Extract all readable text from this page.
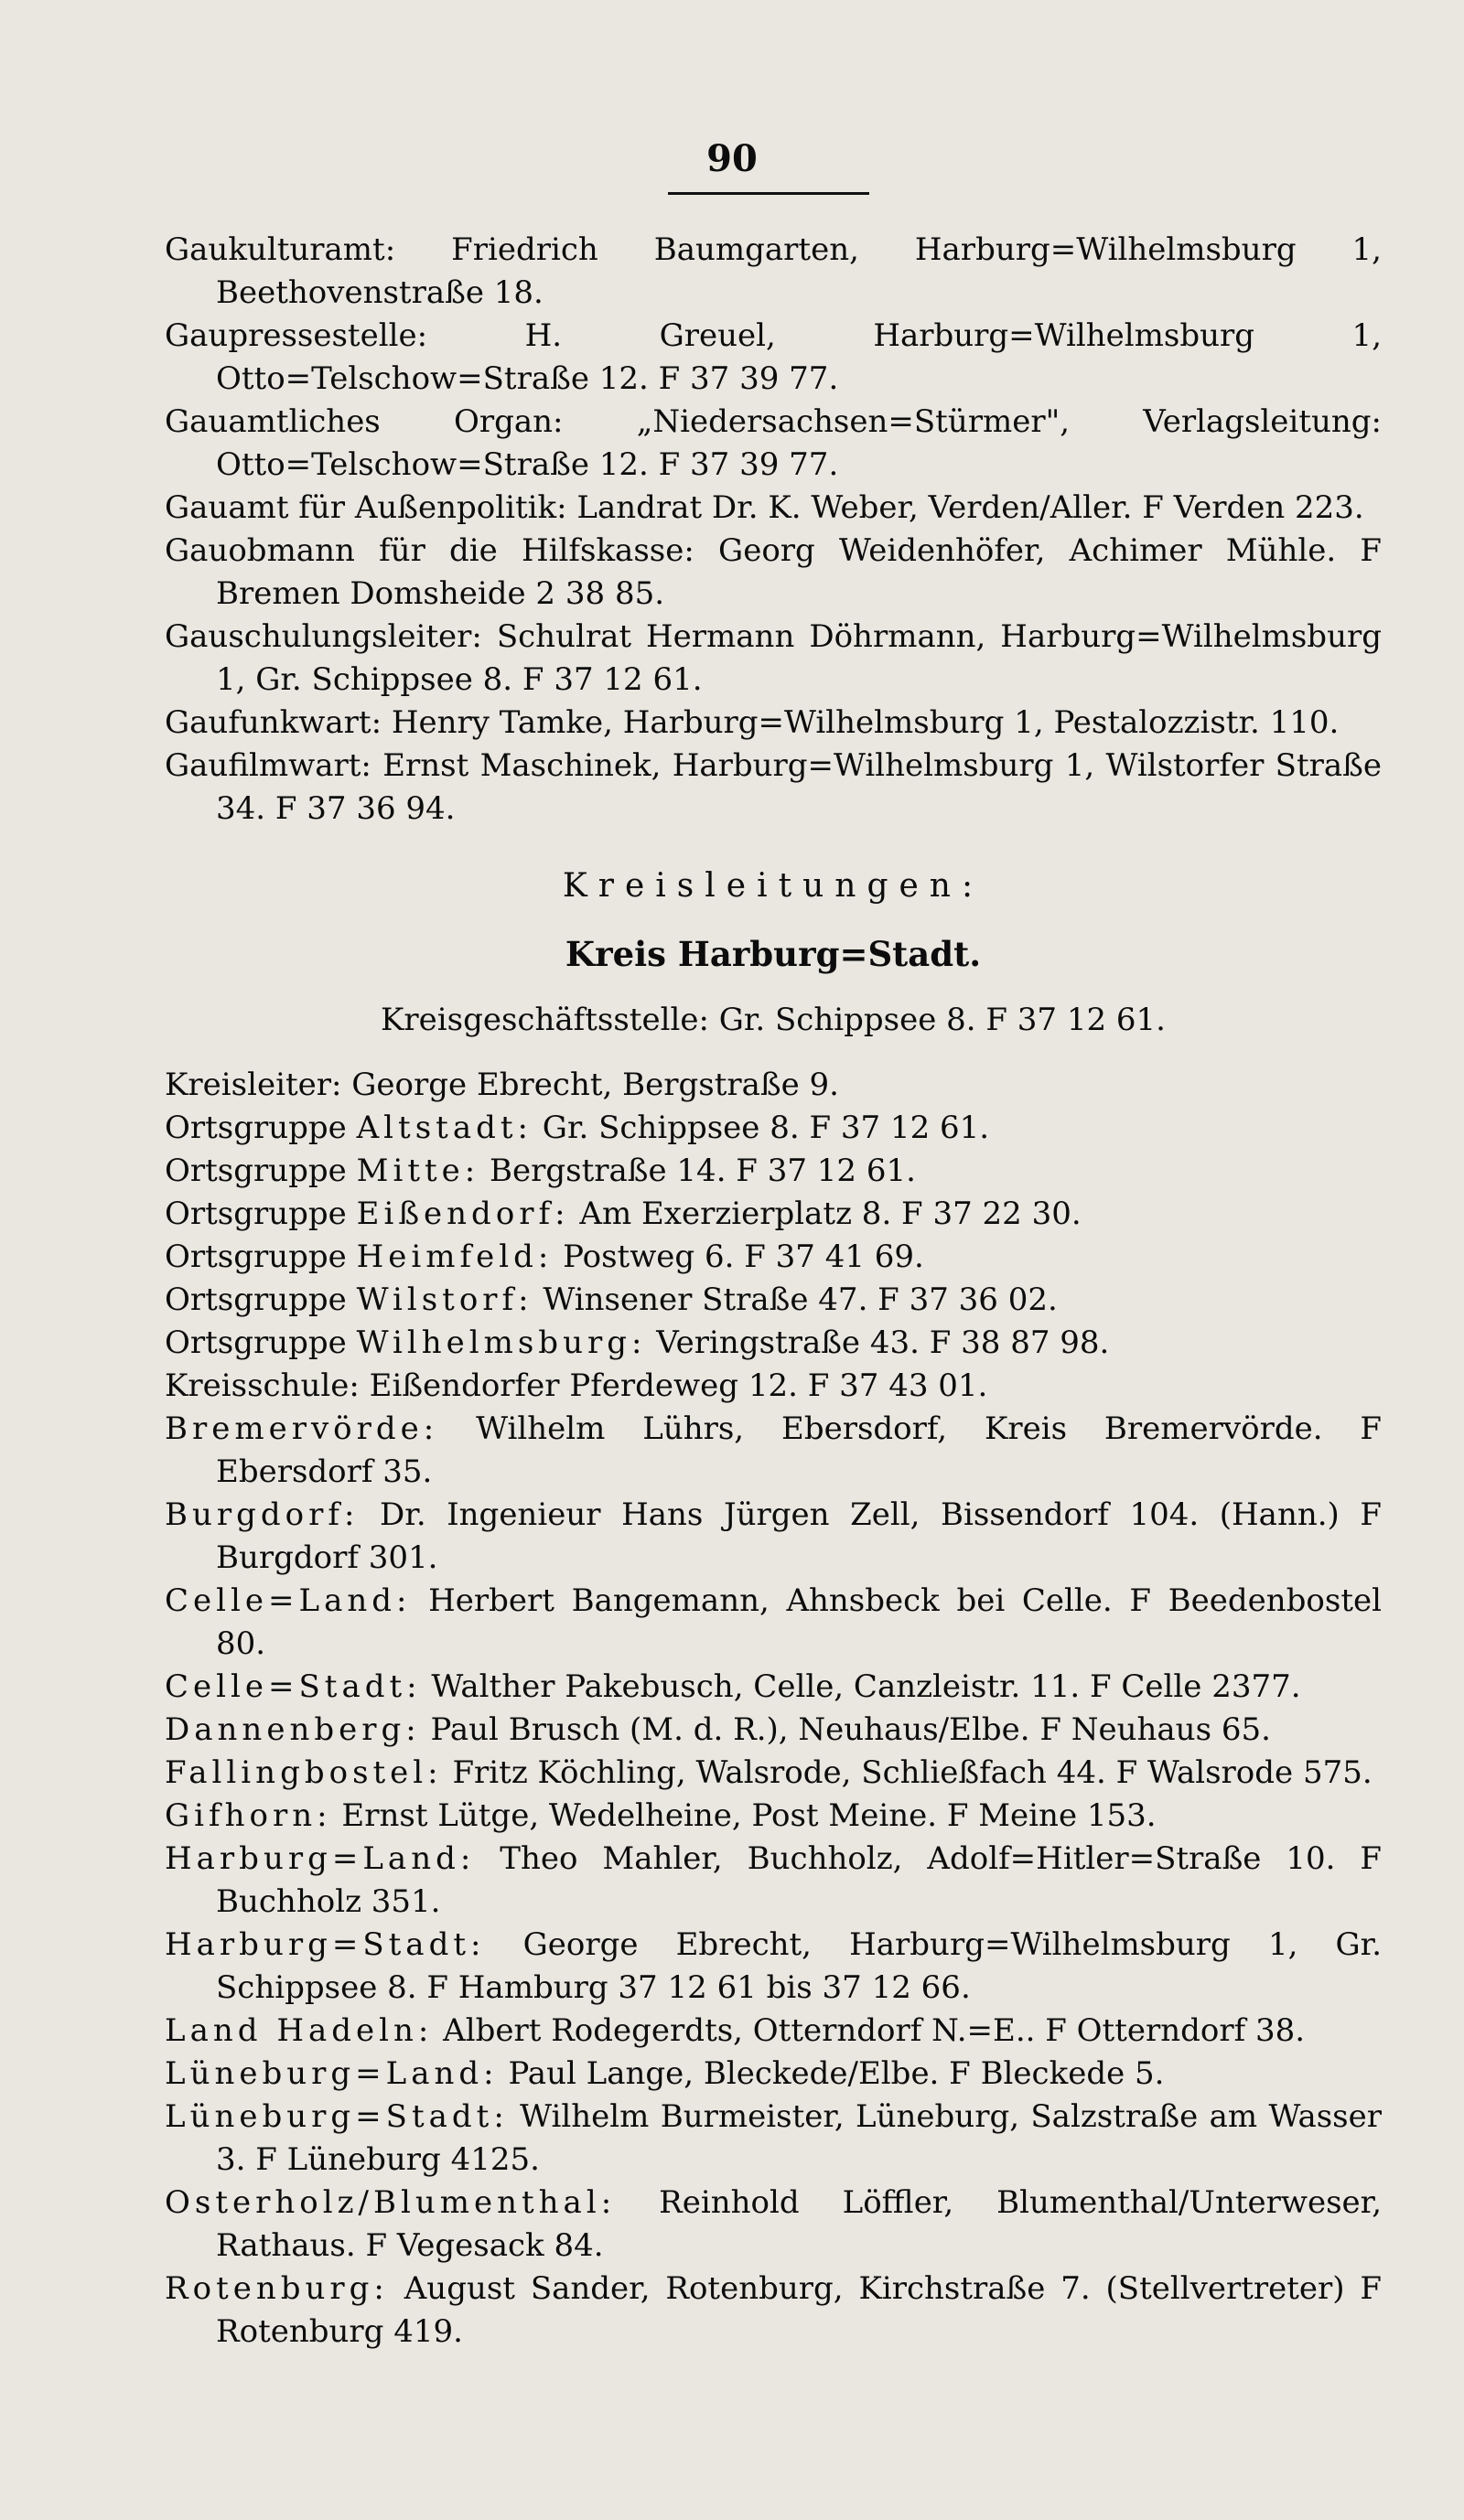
90

Gaukulturamt: Friedrich Baumgarten, Harburg=Wilhelmsburg 1, Beethovenstraße 18.

Gaupressestelle: H. Greuel, Harburg=Wilhelmsburg 1, Otto=Telschow=Straße 12. F 37 39 77.

Gauamtliches Organ: „Niedersachsen=Stürmer", Verlagsleitung: Otto=Telschow=Straße 12. F 37 39 77.

Gauamt für Außenpolitik: Landrat Dr. K. Weber, Verden/Aller. F Verden 223.

Gauobmann für die Hilfskasse: Georg Weidenhöfer, Achimer Mühle. F Bremen Domsheide 2 38 85.

Gauschulungsleiter: Schulrat Hermann Döhrmann, Harburg=Wilhelmsburg 1, Gr. Schippsee 8. F 37 12 61.

Gaufunkwart: Henry Tamke, Harburg=Wilhelmsburg 1, Pestalozzistr. 110.

Gaufilmwart: Ernst Maschinek, Harburg=Wilhelmsburg 1, Wilstorfer Straße 34. F 37 36 94.

Kreisleitungen:

Kreis Harburg=Stadt.

Kreisgeschäftsstelle: Gr. Schippsee 8. F 37 12 61.

Kreisleiter: George Ebrecht, Bergstraße 9.

Ortsgruppe Altstadt: Gr. Schippsee 8. F 37 12 61.

Ortsgruppe Mitte: Bergstraße 14. F 37 12 61.

Ortsgruppe Eißendorf: Am Exerzierplatz 8. F 37 22 30.

Ortsgruppe Heimfeld: Postweg 6. F 37 41 69.

Ortsgruppe Wilstorf: Winsener Straße 47. F 37 36 02.

Ortsgruppe Wilhelmsburg: Veringstraße 43. F 38 87 98.

Kreisschule: Eißendorfer Pferdeweg 12. F 37 43 01.

Bremervörde: Wilhelm Lührs, Ebersdorf, Kreis Bremervörde. F Ebersdorf 35.

Burgdorf: Dr. Ingenieur Hans Jürgen Zell, Bissendorf 104. (Hann.) F Burgdorf 301.

Celle=Land: Herbert Bangemann, Ahnsbeck bei Celle. F Beedenbostel 80.

Celle=Stadt: Walther Pakebusch, Celle, Canzleistr. 11. F Celle 2377.

Dannenberg: Paul Brusch (M. d. R.), Neuhaus/Elbe. F Neuhaus 65.

Fallingbostel: Fritz Köchling, Walsrode, Schließfach 44. F Walsrode 575.

Gifhorn: Ernst Lütge, Wedelheine, Post Meine. F Meine 153.

Harburg=Land: Theo Mahler, Buchholz, Adolf=Hitler=Straße 10. F Buchholz 351.

Harburg=Stadt: George Ebrecht, Harburg=Wilhelmsburg 1, Gr. Schippsee 8. F Hamburg 37 12 61 bis 37 12 66.

Land Hadeln: Albert Rodegerdts, Otterndorf N.=E.. F Otterndorf 38.

Lüneburg=Land: Paul Lange, Bleckede/Elbe. F Bleckede 5.

Lüneburg=Stadt: Wilhelm Burmeister, Lüneburg, Salzstraße am Wasser 3. F Lüneburg 4125.

Osterholz/Blumenthal: Reinhold Löffler, Blumenthal/Unterweser, Rathaus. F Vegesack 84.

Rotenburg: August Sander, Rotenburg, Kirchstraße 7. (Stellvertreter) F Rotenburg 419.
